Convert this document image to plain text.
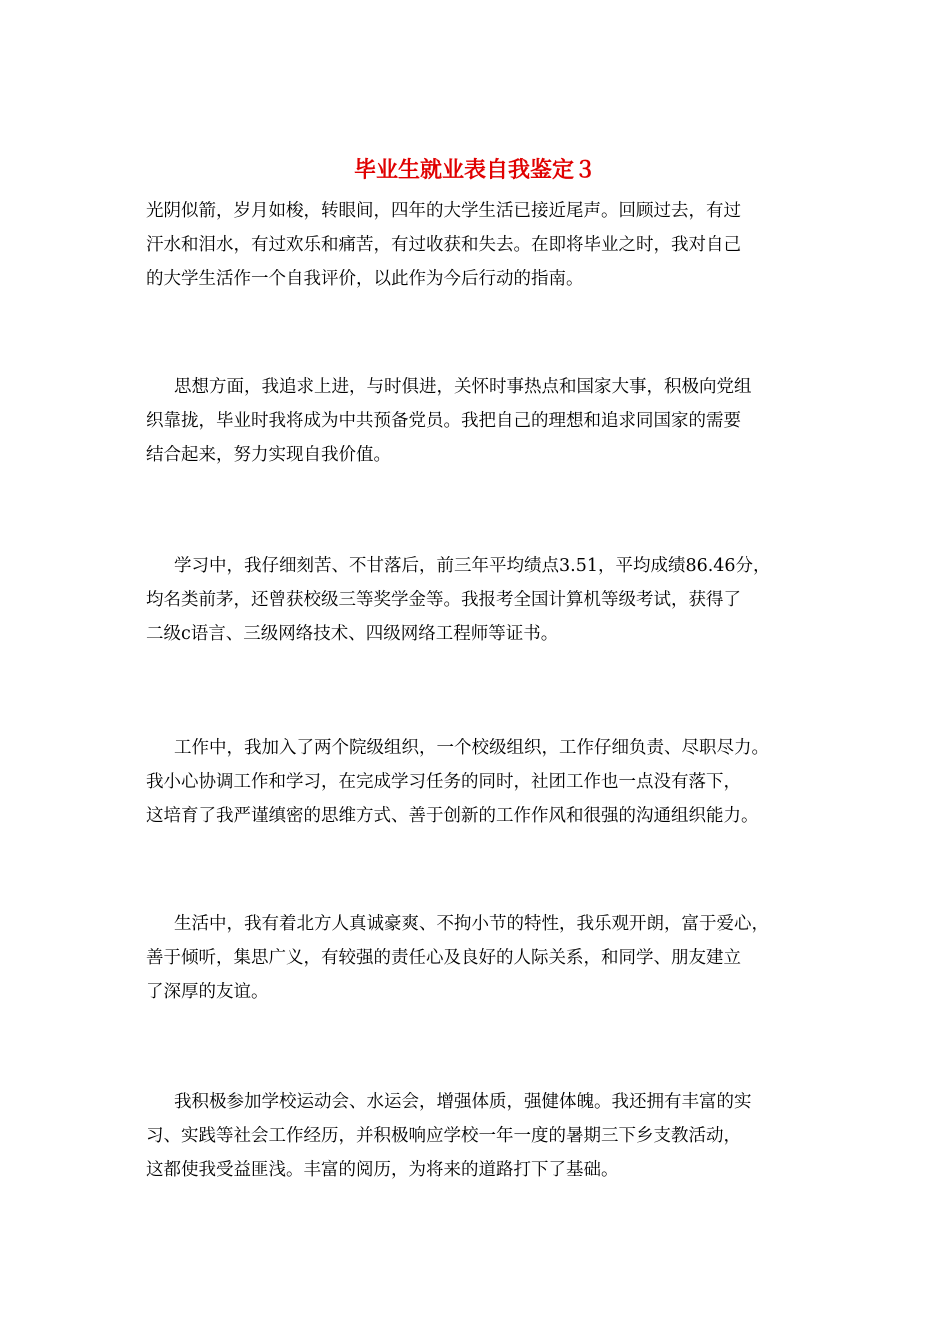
毕业生就业表自我鉴定３
光阴似箭，岁月如梭，转眼间，四年的大学生活已接近尾声。回顾过去，有过
汗水和泪水，有过欢乐和痛苦，有过收获和失去。在即将毕业之时，我对自己
的大学生活作一个自我评价，以此作为今后行动的指南。
思想方面，我追求上进，与时俱进，关怀时事热点和国家大事，积极向党组
织靠拢，毕业时我将成为中共预备党员。我把自己的理想和追求同国家的需要
结合起来，努力实现自我价值。
学习中，我仔细刻苦、不甘落后，前三年平均绩点3.51，平均成绩86.46分，
均名类前茅，还曾获校级三等奖学金等。我报考全国计算机等级考试，获得了
二级c语言、三级网络技术、四级网络工程师等证书。
工作中，我加入了两个院级组织，一个校级组织，工作仔细负责、尽职尽力。
我小心协调工作和学习，在完成学习任务的同时，社团工作也一点没有落下，
这培育了我严谨缜密的思维方式、善于创新的工作作风和很强的沟通组织能力。
生活中，我有着北方人真诚豪爽、不拘小节的特性，我乐观开朗，富于爱心，
善于倾听，集思广义，有较强的责任心及良好的人际关系，和同学、朋友建立
了深厚的友谊。
我积极参加学校运动会、水运会，增强体质，强健体魄。我还拥有丰富的实
习、实践等社会工作经历，并积极响应学校一年一度的暑期三下乡支教活动，
这都使我受益匪浅。丰富的阅历，为将来的道路打下了基础。
